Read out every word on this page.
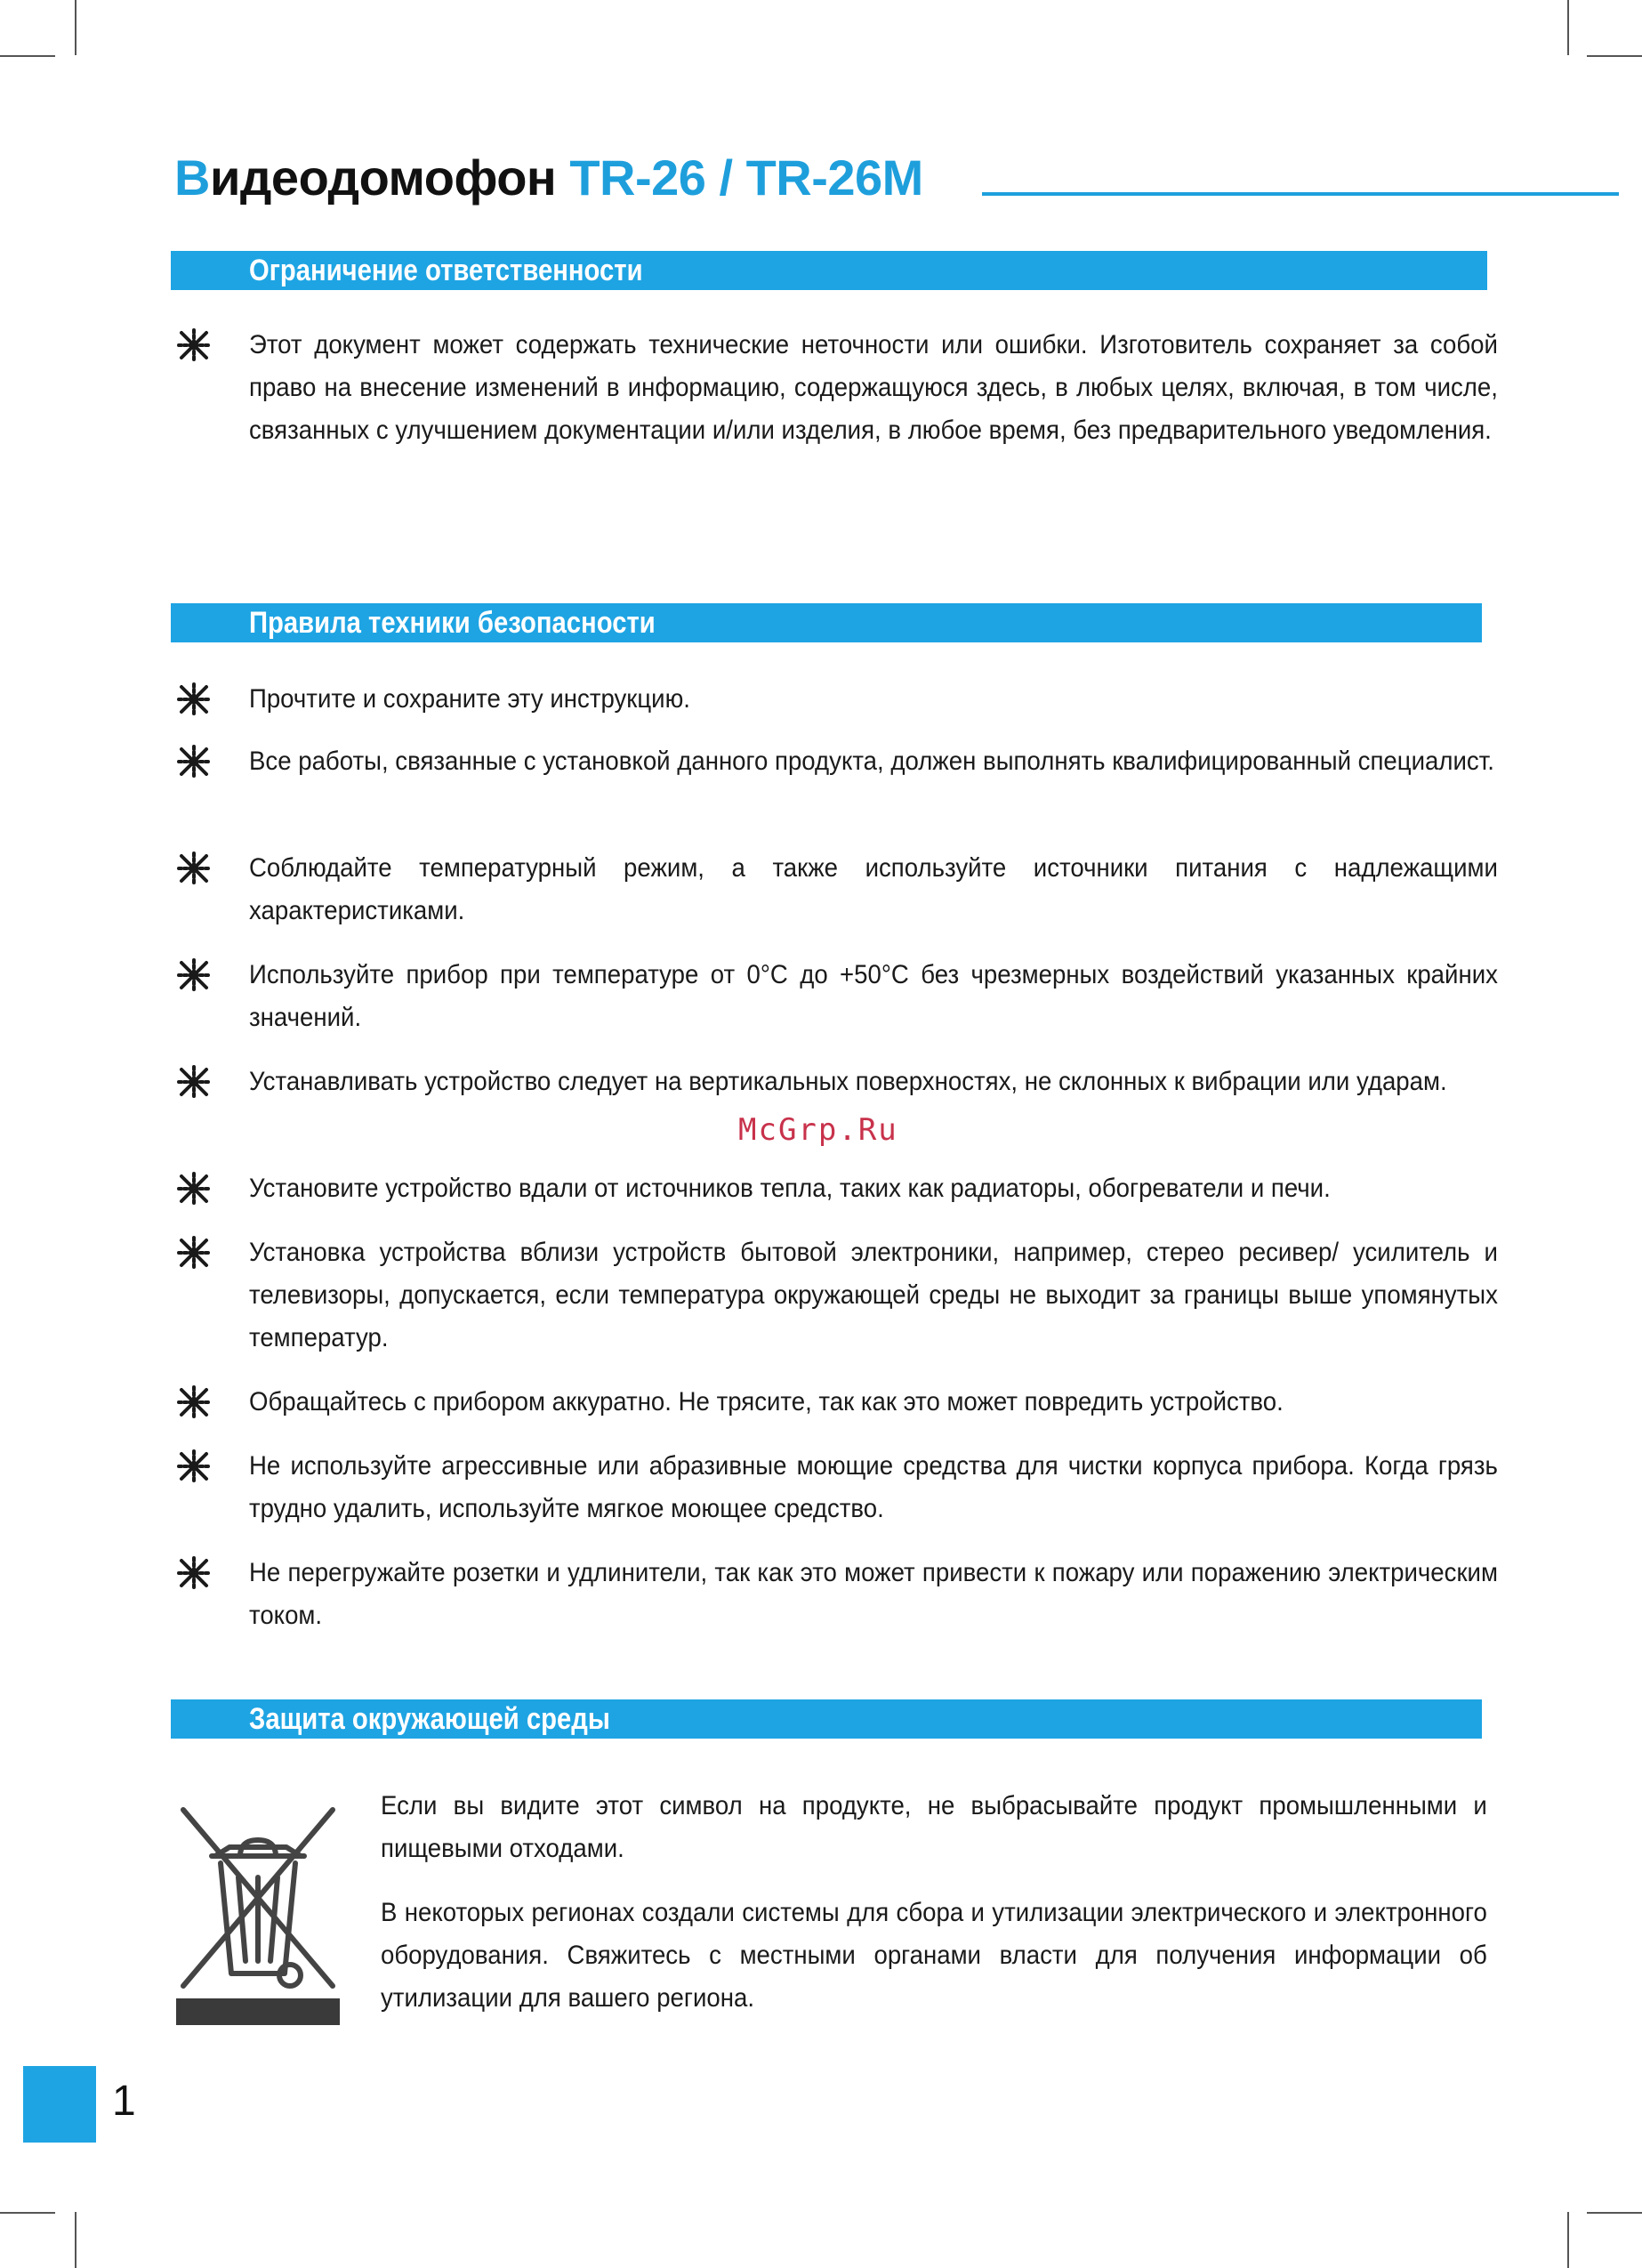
Видеодомофон TR-26 / TR-26M
Ограничение ответственности

Этот документ может содержать технические неточности или ошибки. Изготовитель сохраняет за собой право на внесение изменений в информацию, содержащуюся здесь, в любых целях, включая, в том числе, связанных с улучшением документации и/или изделия, в любое время, без предварительного уведомления.

Правила техники безопасности

Прочтите и сохраните эту инструкцию.

Все работы, связанные с установкой данного продукта, должен выполнять квалифицированный специалист.

Соблюдайте температурный режим, а также используйте источники питания с надлежащими характеристиками.

Используйте прибор при температуре от 0°C до +50°C без чрезмерных воздействий указанных крайних значений.

Устанавливать устройство следует на вертикальных поверхностях, не склонных к вибрации или ударам.

Установите устройство вдали от источников тепла, таких как радиаторы, обогреватели и печи.

Установка устройства вблизи устройств бытовой электроники, например, стерео ресивер/ усилитель и телевизоры, допускается, если температура окружающей среды не выходит за границы выше упомянутых температур.

Обращайтесь с прибором аккуратно. Не трясите, так как это может повредить устройство.

Не используйте агрессивные или абразивные моющие средства для чистки корпуса прибора. Когда грязь трудно удалить, используйте мягкое моющее средство.

Не перегружайте розетки и удлинители, так как это может привести к пожару или поражению электрическим током.

Защита окружающей среды

Если вы видите этот символ на продукте, не выбрасывайте продукт промышленными и пищевыми отходами.

В некоторых регионах создали системы для сбора и утилизации электрического и электронного оборудования. Свяжитесь с местными органами власти для получения информации об утилизации для вашего региона.

McGrp.Ru

1
